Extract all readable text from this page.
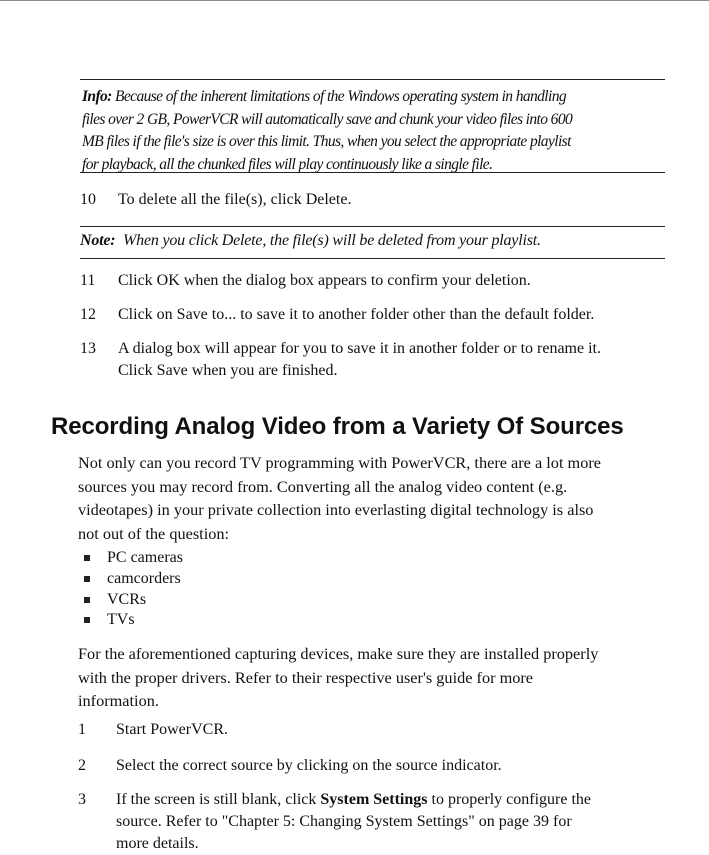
Info: Because of the inherent limitations of the Windows operating system in handling
files over 2 GB, PowerVCR will automatically save and chunk your video files into 600
MB files if the file's size is over this limit. Thus, when you select the appropriate playlist
for playback, all the chunked files will play continuously like a single file.
10 To delete all the file(s), click Delete.
Note: When you click Delete, the file(s) will be deleted from your playlist.
11 Click OK when the dialog box appears to confirm your deletion.
12 Click on Save to... to save it to another folder other than the default folder.
13 A dialog box will appear for you to save it in another folder or to rename it.
Click Save when you are finished.
Recording Analog Video from a Variety Of Sources
Not only can you record TV programming with PowerVCR, there are a lot more
sources you may record from. Converting all the analog video content (e.g.
videotapes) in your private collection into everlasting digital technology is also
not out of the question:
PC cameras
camcorders
VCRs
TVs
For the aforementioned capturing devices, make sure they are installed properly
with the proper drivers. Refer to their respective user's guide for more
information.
1 Start PowerVCR.
2 Select the correct source by clicking on the source indicator.
3 If the screen is still blank, click System Settings to properly configure the
source. Refer to "Chapter 5: Changing System Settings" on page 39 for
more details.
